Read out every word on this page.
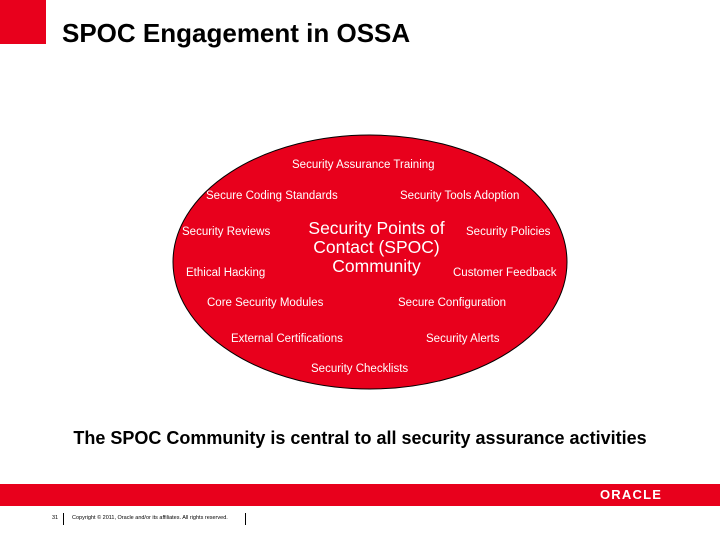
SPOC Engagement in OSSA
Security Assurance Training
Secure Coding Standards	Security Tools Adoption
Security Reviews	Security Policies
Ethical Hacking	Customer Feedback
Core Security Modules	Secure Configuration
External Certifications	Security Alerts
Security Checklists
Security Points of
Contact (SPOC)
Community
The SPOC Community is central to all security assurance activities
ORACLE
31	Copyright © 2011, Oracle and/or its affiliates. All rights reserved.
